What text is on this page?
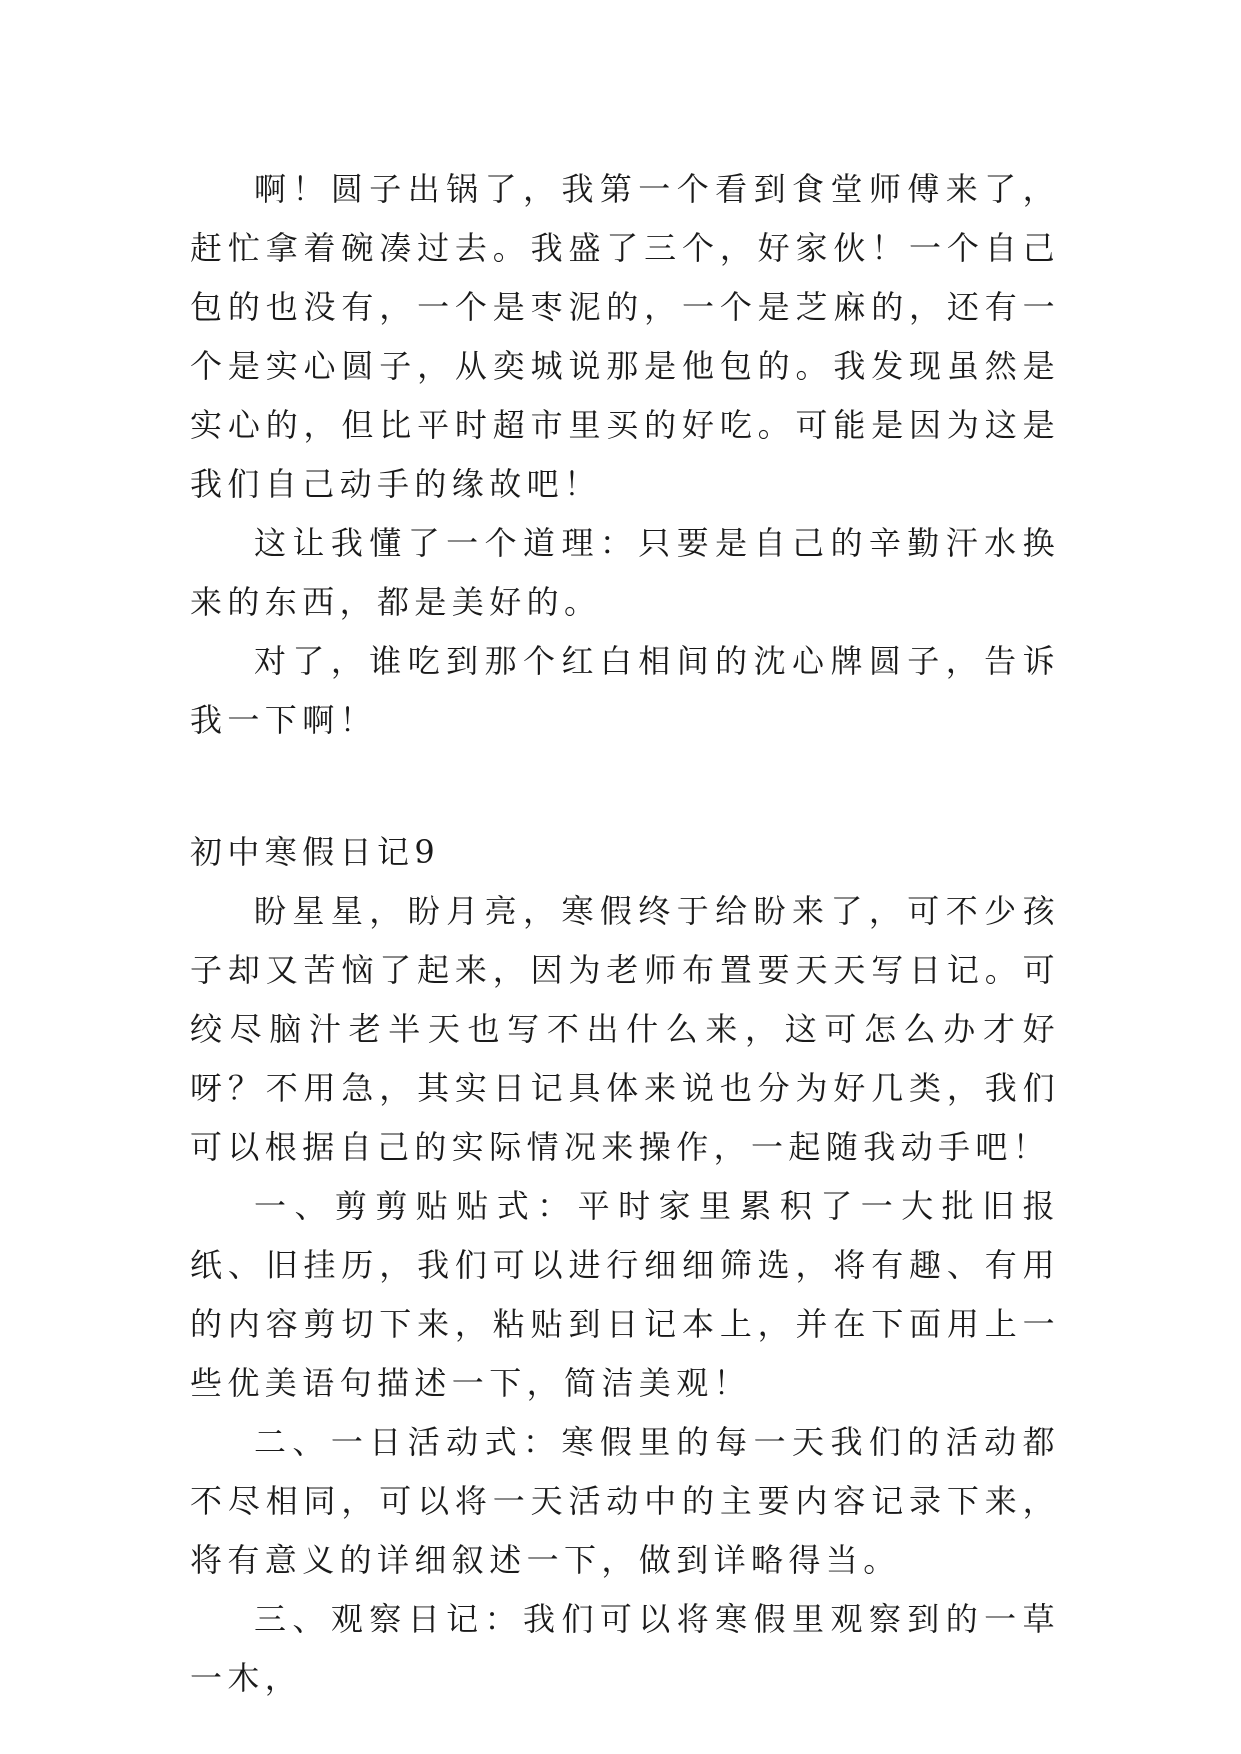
啊！圆子出锅了，我第一个看到食堂师傅来了，赶忙拿着碗凑过去。我盛了三个，好家伙！一个自己包的也没有，一个是枣泥的，一个是芝麻的，还有一个是实心圆子，从奕城说那是他包的。我发现虽然是实心的，但比平时超市里买的好吃。可能是因为这是我们自己动手的缘故吧！

这让我懂了一个道理：只要是自己的辛勤汗水换来的东西，都是美好的。

对了，谁吃到那个红白相间的沈心牌圆子，告诉我一下啊！

初中寒假日记9

盼星星，盼月亮，寒假终于给盼来了，可不少孩子却又苦恼了起来，因为老师布置要天天写日记。可绞尽脑汁老半天也写不出什么来，这可怎么办才好呀？不用急，其实日记具体来说也分为好几类，我们可以根据自己的实际情况来操作，一起随我动手吧！

一、剪剪贴贴式：平时家里累积了一大批旧报纸、旧挂历，我们可以进行细细筛选，将有趣、有用的内容剪切下来，粘贴到日记本上，并在下面用上一些优美语句描述一下，简洁美观！

二、一日活动式：寒假里的每一天我们的活动都不尽相同，可以将一天活动中的主要内容记录下来，将有意义的详细叙述一下，做到详略得当。

三、观察日记：我们可以将寒假里观察到的一草一木，
